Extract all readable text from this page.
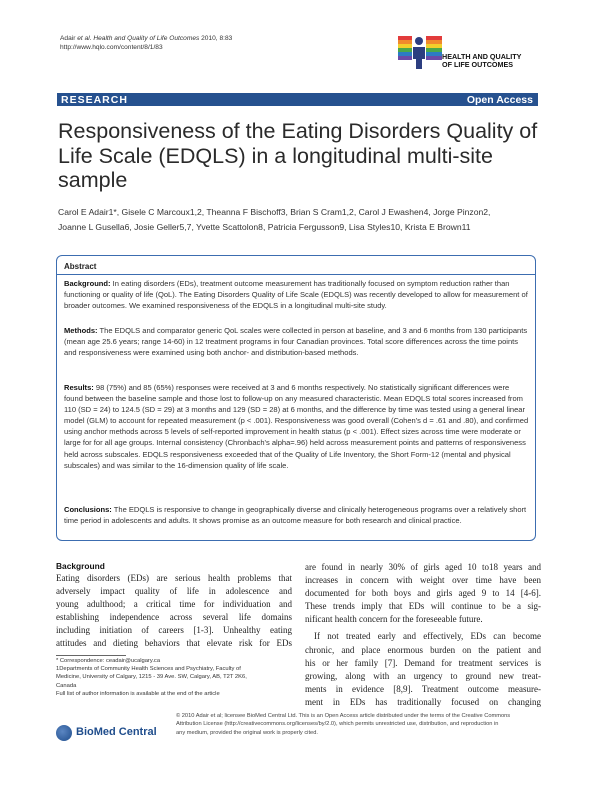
Adair et al. Health and Quality of Life Outcomes 2010, 8:83
http://www.hqlo.com/content/8/1/83
HEALTH AND QUALITY
OF LIFE OUTCOMES
RESEARCH	Open Access
Responsiveness of the Eating Disorders Quality of Life Scale (EDQLS) in a longitudinal multi-site sample
Carol E Adair1*, Gisele C Marcoux1,2, Theanna F Bischoff3, Brian S Cram1,2, Carol J Ewashen4, Jorge Pinzon2,
Joanne L Gusella6, Josie Geller5,7, Yvette Scattolon8, Patricia Fergusson9, Lisa Styles10, Krista E Brown11
Abstract
Background: In eating disorders (EDs), treatment outcome measurement has traditionally focused on symptom reduction rather than functioning or quality of life (QoL). The Eating Disorders Quality of Life Scale (EDQLS) was recently developed to allow for measurement of broader outcomes. We examined responsiveness of the EDQLS in a longitudinal multi-site study.
Methods: The EDQLS and comparator generic QoL scales were collected in person at baseline, and 3 and 6 months from 130 participants (mean age 25.6 years; range 14-60) in 12 treatment programs in four Canadian provinces. Total score differences across the time points and responsiveness were examined using both anchor- and distribution-based methods.
Results: 98 (75%) and 85 (65%) responses were received at 3 and 6 months respectively. No statistically significant differences were found between the baseline sample and those lost to follow-up on any measured characteristic. Mean EDQLS total scores increased from 110 (SD = 24) to 124.5 (SD = 29) at 3 months and 129 (SD = 28) at 6 months, and the difference by time was tested using a general linear model (GLM) to account for repeated measurement (p < .001). Responsiveness was good overall (Cohen's d = .61 and .80), and confirmed using anchor methods across 5 levels of self-reported improvement in health status (p < .001). Effect sizes across time were moderate or large for for all age groups. Internal consistency (Chronbach's alpha=.96) held across measurement points and patterns of responsiveness held across subscales. EDQLS responsiveness exceeded that of the Quality of Life Inventory, the Short Form-12 (mental and physical subscales) and was similar to the 16-dimension quality of life scale.
Conclusions: The EDQLS is responsive to change in geographically diverse and clinically heterogeneous programs over a relatively short time period in adolescents and adults. It shows promise as an outcome measure for both research and clinical practice.
Background
Eating disorders (EDs) are serious health problems that
adversely impact quality of life in adolescence and
young adulthood; a critical time for individuation and
establishing independence across several life domains
including initiation of careers [1-3]. Unhealthy eating
attitudes and dieting behaviors that elevate risk for EDs
are found in nearly 30% of girls aged 10 to18 years and
increases in concern with weight over time have been
documented for both boys and girls aged 9 to 14 [4-6].
These trends imply that EDs will continue to be a sig-
nificant health concern for the foreseeable future.
If not treated early and effectively, EDs can become
chronic, and place enormous burden on the patient and
his or her family [7]. Demand for treatment services is
growing, along with an urgency to ground new treat-
ments in evidence [8,9]. Treatment outcome measure-
ment in EDs has traditionally focused on changing
* Correspondence: ceadair@ucalgary.ca
1Departments of Community Health Sciences and Psychiatry, Faculty of
Medicine, University of Calgary, 1215 - 39 Ave. SW, Calgary, AB, T2T 2K6,
Canada
Full list of author information is available at the end of the article
BioMed Central
© 2010 Adair et al; licensee BioMed Central Ltd. This is an Open Access article distributed under the terms of the Creative Commons
Attribution License (http://creativecommons.org/licenses/by/2.0), which permits unrestricted use, distribution, and reproduction in
any medium, provided the original work is properly cited.
